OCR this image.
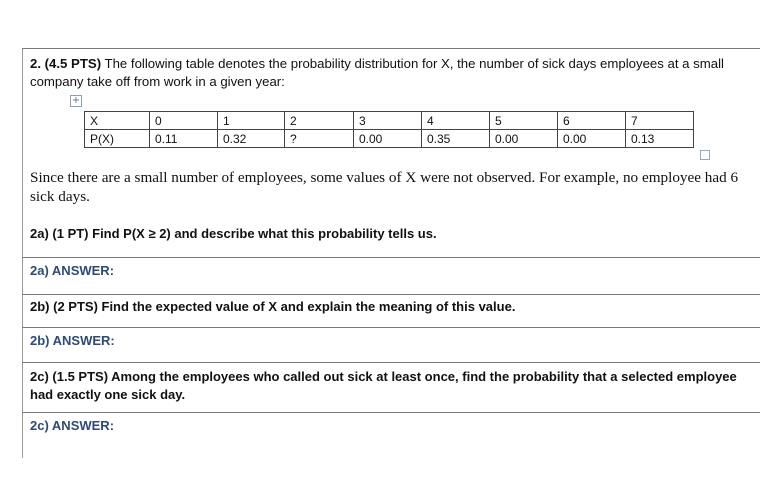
2. (4.5 PTS) The following table denotes the probability distribution for X, the number of sick days employees at a small company take off from work in a given year:
+
X	0	1	2	3	4	5	6	7
P(X)	0.11	0.32	?	0.00	0.35	0.00	0.00	0.13
Since there are a small number of employees, some values of X were not observed. For example, no employee had 6 sick days.
2a) (1 PT) Find P(X ≥ 2) and describe what this probability tells us.
2a) ANSWER:
2b) (2 PTS) Find the expected value of X and explain the meaning of this value.
2b) ANSWER:
2c) (1.5 PTS) Among the employees who called out sick at least once, find the probability that a selected employee had exactly one sick day.
2c) ANSWER:
